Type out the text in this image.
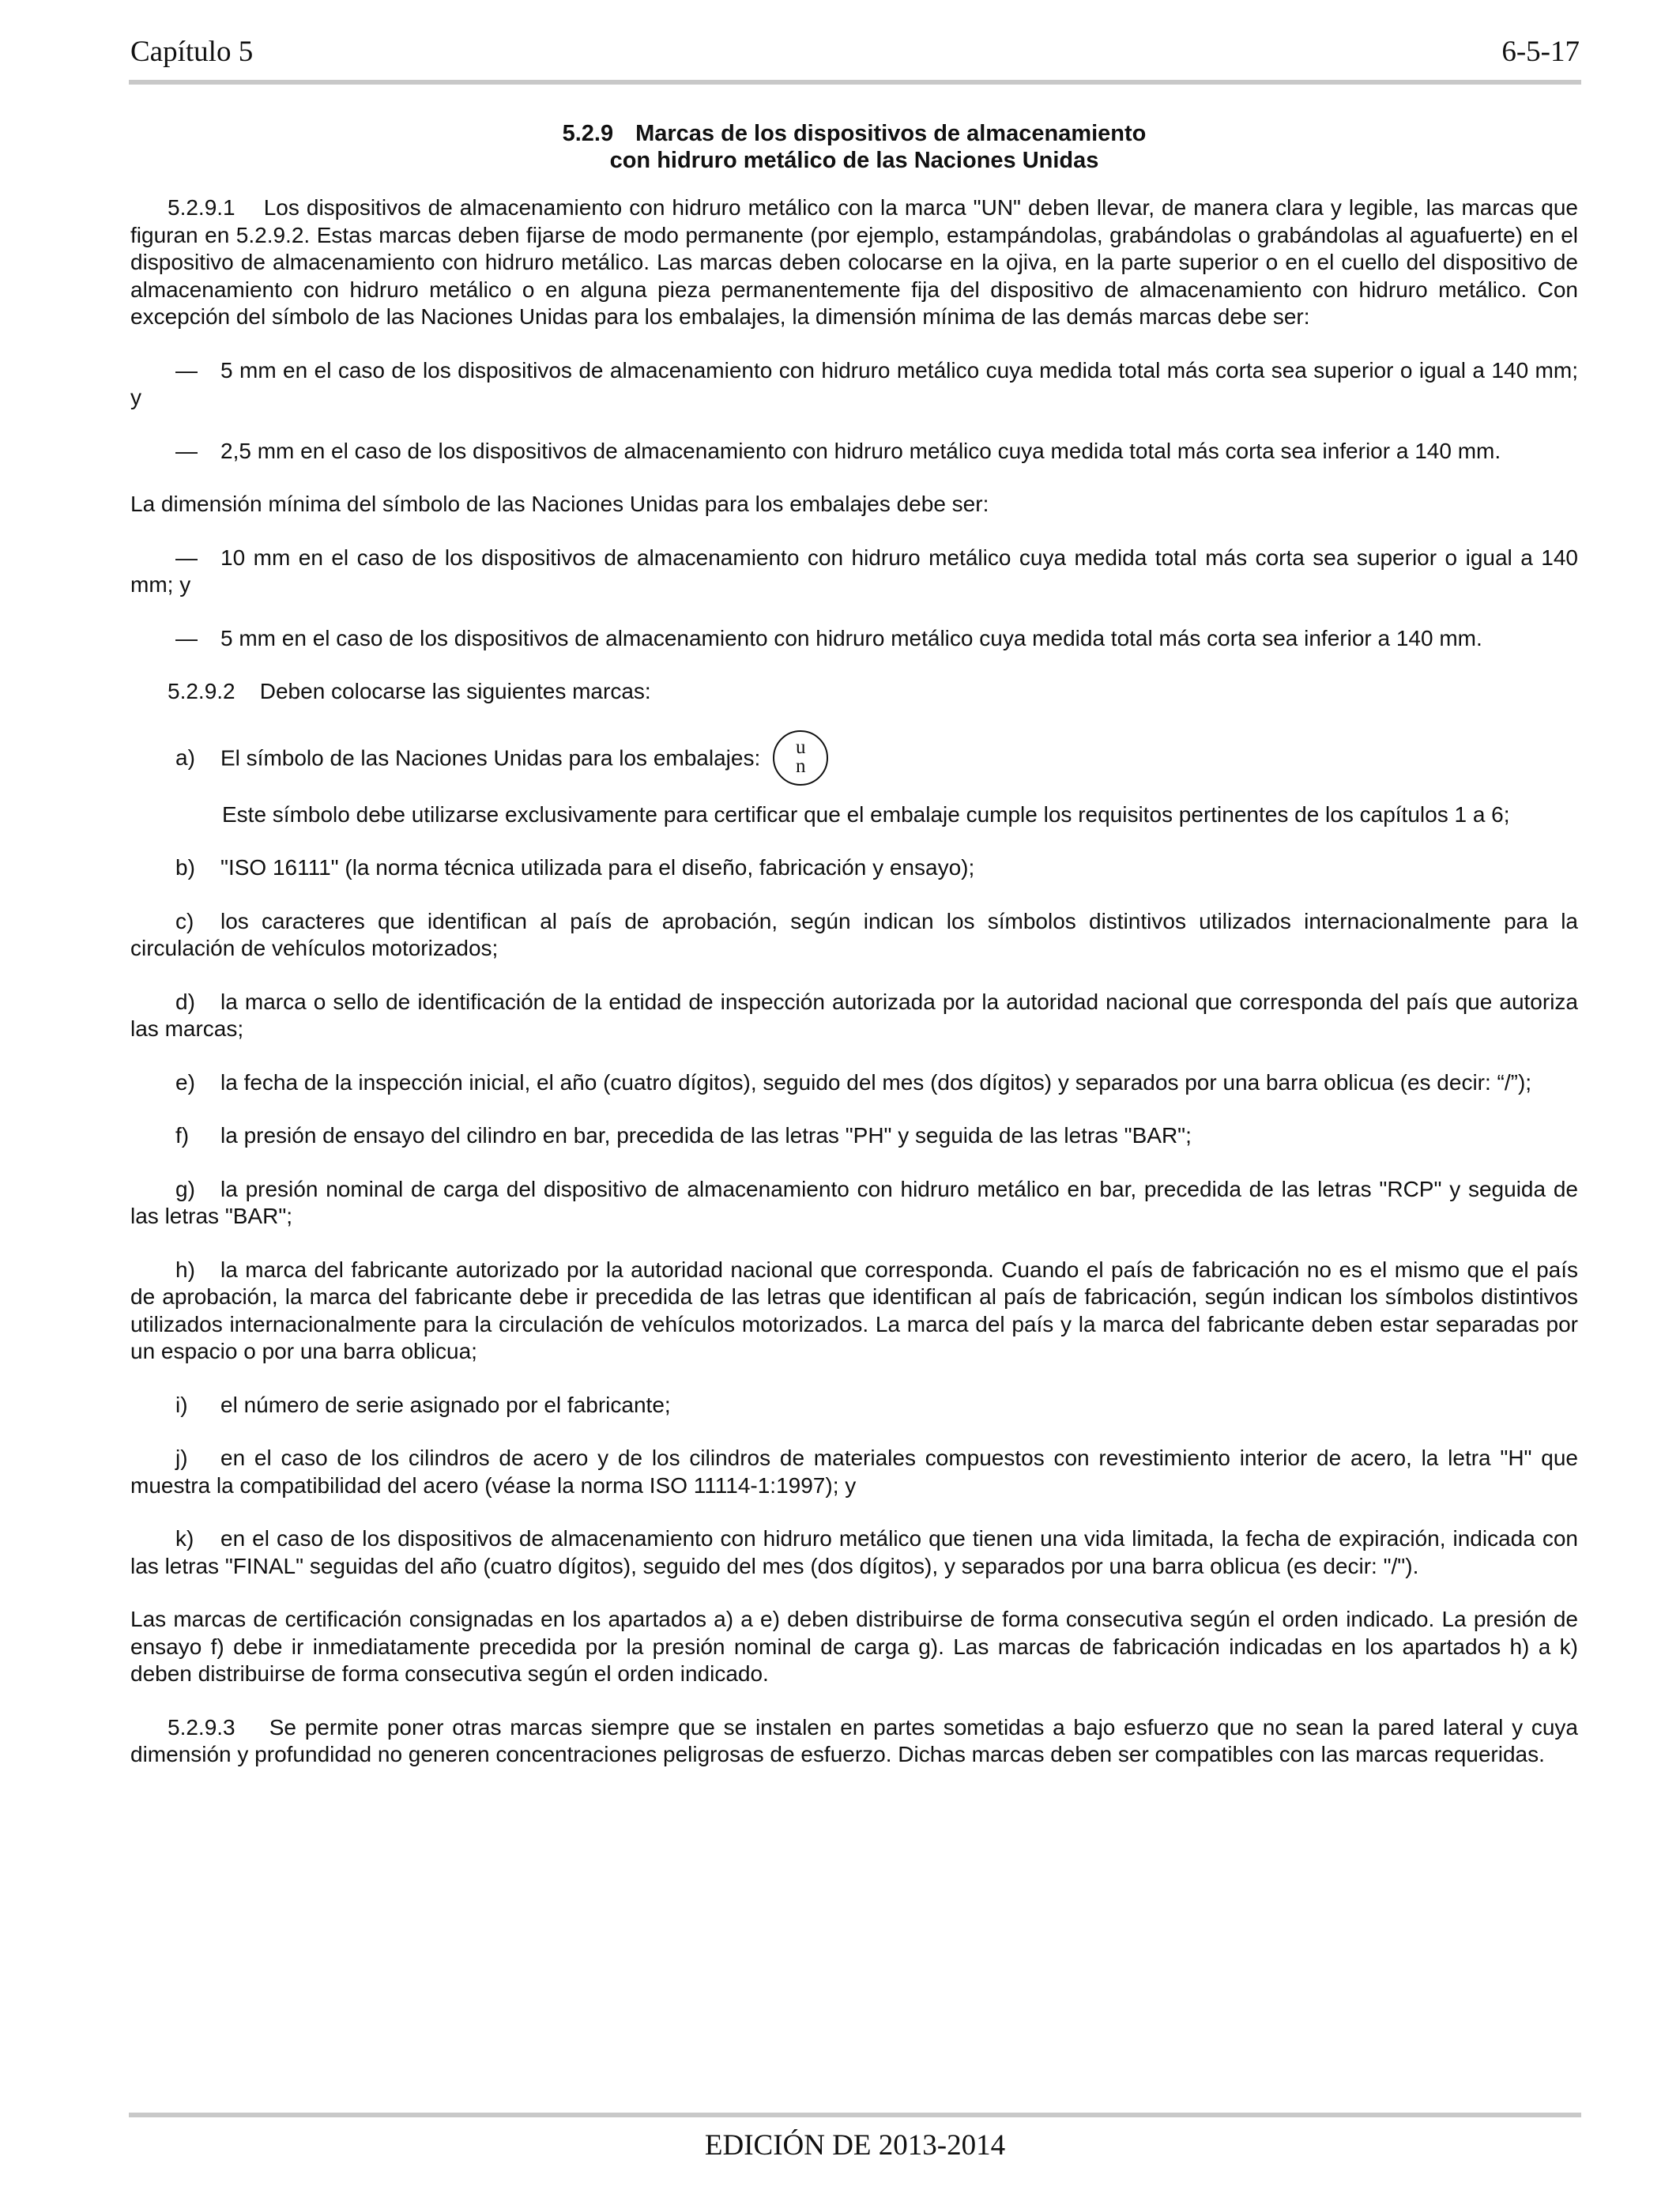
Capítulo 5	6-5-17
5.2.9 Marcas de los dispositivos de almacenamiento
con hidruro metálico de las Naciones Unidas

5.2.9.1 Los dispositivos de almacenamiento con hidruro metálico con la marca "UN" deben llevar, de manera clara y legible, las marcas que figuran en 5.2.9.2. Estas marcas deben fijarse de modo permanente (por ejemplo, estampándolas, grabándolas o grabándolas al aguafuerte) en el dispositivo de almacenamiento con hidruro metálico. Las marcas deben colocarse en la ojiva, en la parte superior o en el cuello del dispositivo de almacenamiento con hidruro metálico o en alguna pieza permanentemente fija del dispositivo de almacenamiento con hidruro metálico. Con excepción del símbolo de las Naciones Unidas para los embalajes, la dimensión mínima de las demás marcas debe ser:

— 5 mm en el caso de los dispositivos de almacenamiento con hidruro metálico cuya medida total más corta sea superior o igual a 140 mm; y

— 2,5 mm en el caso de los dispositivos de almacenamiento con hidruro metálico cuya medida total más corta sea inferior a 140 mm.

La dimensión mínima del símbolo de las Naciones Unidas para los embalajes debe ser:

— 10 mm en el caso de los dispositivos de almacenamiento con hidruro metálico cuya medida total más corta sea superior o igual a 140 mm; y

— 5 mm en el caso de los dispositivos de almacenamiento con hidruro metálico cuya medida total más corta sea inferior a 140 mm.

5.2.9.2 Deben colocarse las siguientes marcas:

a) El símbolo de las Naciones Unidas para los embalajes:	u
n

Este símbolo debe utilizarse exclusivamente para certificar que el embalaje cumple los requisitos pertinentes de los capítulos 1 a 6;

b) "ISO 16111" (la norma técnica utilizada para el diseño, fabricación y ensayo);

c) los caracteres que identifican al país de aprobación, según indican los símbolos distintivos utilizados internacionalmente para la circulación de vehículos motorizados;

d) la marca o sello de identificación de la entidad de inspección autorizada por la autoridad nacional que corresponda del país que autoriza las marcas;

e) la fecha de la inspección inicial, el año (cuatro dígitos), seguido del mes (dos dígitos) y separados por una barra oblicua (es decir: “/”);

f) la presión de ensayo del cilindro en bar, precedida de las letras "PH" y seguida de las letras "BAR";

g) la presión nominal de carga del dispositivo de almacenamiento con hidruro metálico en bar, precedida de las letras "RCP" y seguida de las letras "BAR";

h) la marca del fabricante autorizado por la autoridad nacional que corresponda. Cuando el país de fabricación no es el mismo que el país de aprobación, la marca del fabricante debe ir precedida de las letras que identifican al país de fabricación, según indican los símbolos distintivos utilizados internacionalmente para la circulación de vehículos motorizados. La marca del país y la marca del fabricante deben estar separadas por un espacio o por una barra oblicua;

i) el número de serie asignado por el fabricante;

j) en el caso de los cilindros de acero y de los cilindros de materiales compuestos con revestimiento interior de acero, la letra "H" que muestra la compatibilidad del acero (véase la norma ISO 11114-1:1997); y

k) en el caso de los dispositivos de almacenamiento con hidruro metálico que tienen una vida limitada, la fecha de expiración, indicada con las letras "FINAL" seguidas del año (cuatro dígitos), seguido del mes (dos dígitos), y separados por una barra oblicua (es decir: "/").

Las marcas de certificación consignadas en los apartados a) a e) deben distribuirse de forma consecutiva según el orden indicado. La presión de ensayo f) debe ir inmediatamente precedida por la presión nominal de carga g). Las marcas de fabricación indicadas en los apartados h) a k) deben distribuirse de forma consecutiva según el orden indicado.

5.2.9.3 Se permite poner otras marcas siempre que se instalen en partes sometidas a bajo esfuerzo que no sean la pared lateral y cuya dimensión y profundidad no generen concentraciones peligrosas de esfuerzo. Dichas marcas deben ser compatibles con las marcas requeridas.

EDICIÓN DE 2013-2014
